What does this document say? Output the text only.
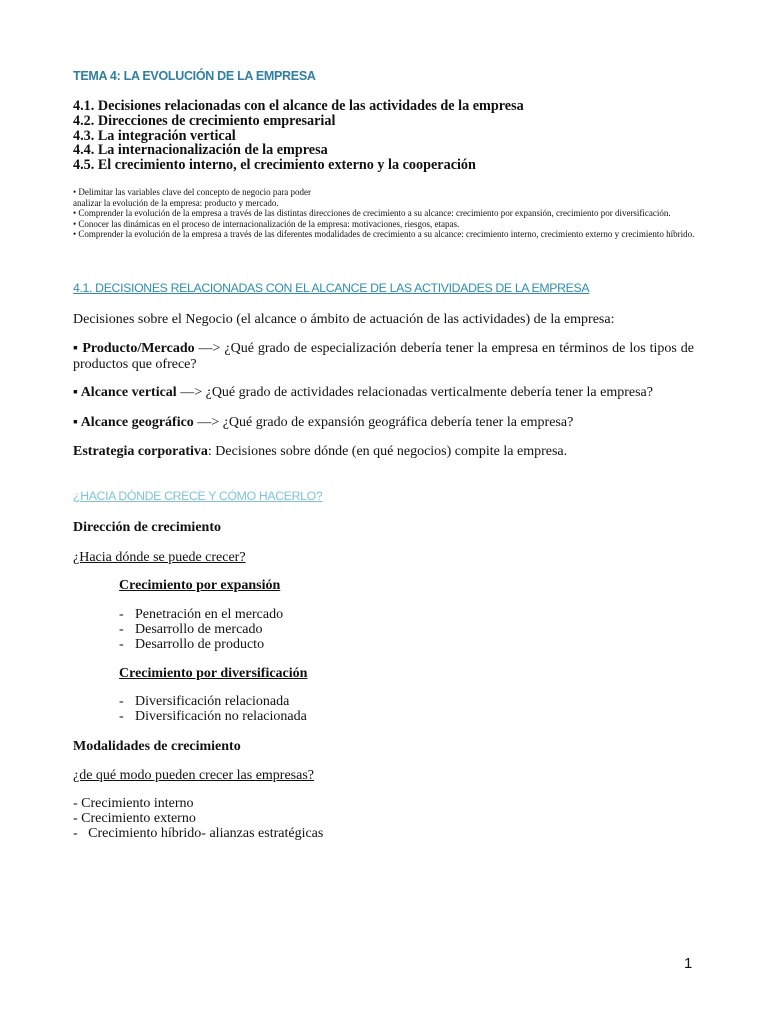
TEMA 4: LA EVOLUCIÓN DE LA EMPRESA
4.1. Decisiones relacionadas con el alcance de las actividades de la empresa
4.2. Direcciones de crecimiento empresarial
4.3. La integración vertical
4.4. La internacionalización de la empresa
4.5. El crecimiento interno, el crecimiento externo y la cooperación
• Delimitar las variables clave del concepto de negocio para poder
analizar la evolución de la empresa: producto y mercado.
• Comprender la evolución de la empresa a través de las distintas direcciones de crecimiento a su alcance: crecimiento por expansión, crecimiento por diversificación.
• Conocer las dinámicas en el proceso de internacionalización de la empresa: motivaciones, riesgos, etapas.
• Comprender la evolución de la empresa a través de las diferentes modalidades de crecimiento a su alcance: crecimiento interno, crecimiento externo y crecimiento híbrido.
4.1. DECISIONES RELACIONADAS CON EL ALCANCE DE LAS ACTIVIDADES DE LA EMPRESA
Decisiones sobre el Negocio (el alcance o ámbito de actuación de las actividades) de la empresa:
▪ Producto/Mercado —> ¿Qué grado de especialización debería tener la empresa en términos de los tipos de productos que ofrece?
▪ Alcance vertical —> ¿Qué grado de actividades relacionadas verticalmente debería tener la empresa?
▪ Alcance geográfico —> ¿Qué grado de expansión geográfica debería tener la empresa?
Estrategia corporativa: Decisiones sobre dónde (en qué negocios) compite la empresa.
¿HACIA DÓNDE CRECE Y CÓMO HACERLO?
Dirección de crecimiento
¿Hacia dónde se puede crecer?
Crecimiento por expansión
- Penetración en el mercado
- Desarrollo de mercado
- Desarrollo de producto
Crecimiento por diversificación
- Diversificación relacionada
- Diversificación no relacionada
Modalidades de crecimiento
¿de qué modo pueden crecer las empresas?
- Crecimiento interno
- Crecimiento externo
-   Crecimiento híbrido- alianzas estratégicas
1
